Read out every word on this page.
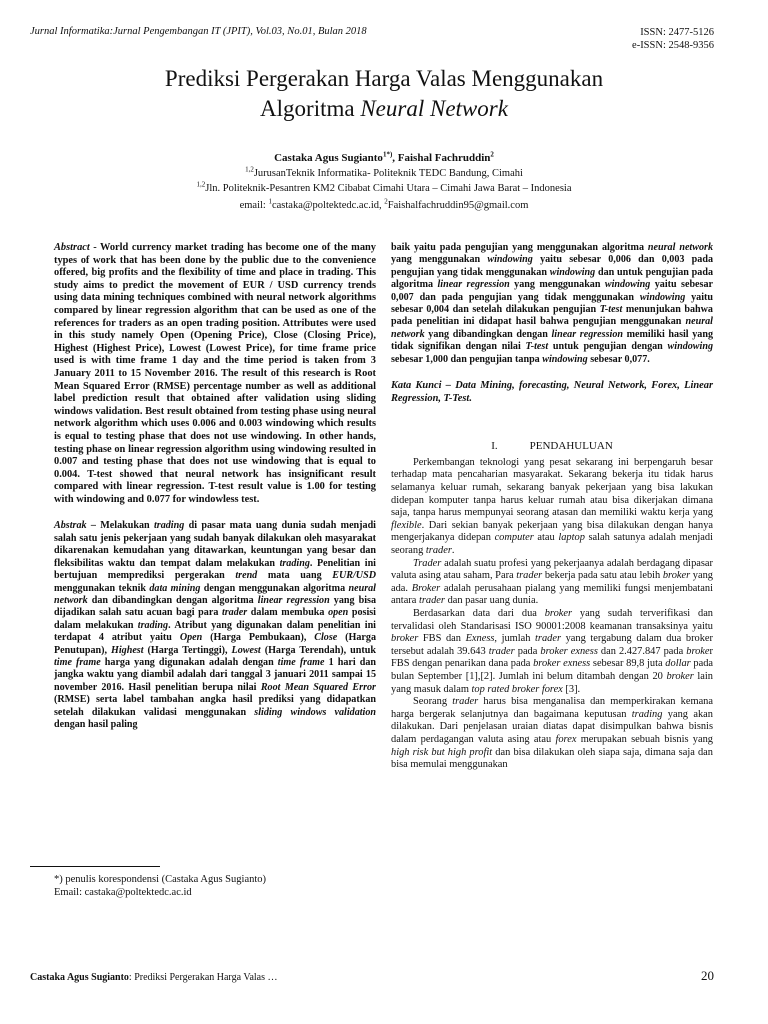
Jurnal Informatika:Jurnal Pengembangan IT (JPIT), Vol.03, No.01, Bulan 2018	ISSN: 2477-5126
e-ISSN: 2548-9356
Prediksi Pergerakan Harga Valas Menggunakan
Algoritma Neural Network
Castaka Agus Sugianto$^{1*)}$, Faishal Fachruddin$^2$
$^{1,2}$JurusanTeknik Informatika- Politeknik TEDC Bandung, Cimahi
$^{1,2}$Jln. Politeknik-Pesantren KM2 Cibabat Cimahi Utara – Cimahi Jawa Barat – Indonesia
email: $^1$castaka@poltektedc.ac.id, $^2$Faishalfachruddin95@gmail.com

Abstract - World currency market trading has become one of the many types of work that has been done by the public due to the convenience offered, big profits and the flexibility of time and place in trading. This study aims to predict the movement of EUR / USD currency trends using data mining techniques combined with neural network algorithms compared by linear regression algorithm that can be used as one of the references for traders as an open trading position. Attributes were used in this study namely Open (Opening Price), Close (Closing Price), Highest (Highest Price), Lowest (Lowest Price), for time frame price used is with time frame 1 day and the time period is taken from 3 January 2011 to 15 November 2016. The result of this research is Root Mean Squared Error (RMSE) percentage number as well as additional label prediction result that obtained after validation using sliding windows validation. Best result obtained from testing phase using neural network algorithm which uses 0.006 and 0.003 windowing which results is equal to testing phase that does not use windowing. In other hands, testing phase on linear regression algorithm using windowing resulted in 0.007 and testing phase that does not use windowing that is equal to 0.004. T-test showed that neural network has insignificant result compared with linear regression. T-test result value is 1.00 for testing with windowing and 0.077 for windowless test.

Abstrak – Melakukan trading di pasar mata uang dunia sudah menjadi salah satu jenis pekerjaan yang sudah banyak dilakukan oleh masyarakat dikarenakan kemudahan yang ditawarkan, keuntungan yang besar dan fleksibilitas waktu dan tempat dalam melakukan trading. Penelitian ini bertujuan memprediksi pergerakan trend mata uang EUR/USD menggunakan teknik data mining dengan menggunakan algoritma neural network dan dibandingkan dengan algoritma linear regression yang bisa dijadikan salah satu acuan bagi para trader dalam membuka open posisi dalam melakukan trading. Atribut yang digunakan dalam penelitian ini terdapat 4 atribut yaitu Open (Harga Pembukaan), Close (Harga Penutupan), Highest (Harga Tertinggi), Lowest (Harga Terendah), untuk time frame harga yang digunakan adalah dengan time frame 1 hari dan jangka waktu yang diambil adalah dari tanggal 3 januari 2011 sampai 15 november 2016. Hasil penelitian berupa nilai Root Mean Squared Error (RMSE) serta label tambahan angka hasil prediksi yang didapatkan setelah dilakukan validasi menggunakan sliding windows validation dengan hasil paling

*) penulis korespondensi (Castaka Agus Sugianto)
Email: castaka@poltektedc.ac.id

baik yaitu pada pengujian yang menggunakan algoritma neural network yang menggunakan windowing yaitu sebesar 0,006 dan 0,003 pada pengujian yang tidak menggunakan windowing dan untuk pengujian pada algoritma linear regression yang menggunakan windowing yaitu sebesar 0,007 dan pada pengujian yang tidak menggunakan windowing yaitu sebesar 0,004 dan setelah dilakukan pengujian T-test menunjukan bahwa pada penelitian ini didapat hasil bahwa pengujian menggunakan neural network yang dibandingkan dengan linear regression memiliki hasil yang tidak signifikan dengan nilai T-test untuk pengujian dengan windowing sebesar 1,000 dan pengujian tanpa windowing sebesar 0,077.

Kata Kunci – Data Mining, forecasting, Neural Network, Forex, Linear Regression, T-Test.

I.	PENDAHULUAN

Perkembangan teknologi yang pesat sekarang ini berpengaruh besar terhadap mata pencaharian masyarakat. Sekarang bekerja itu tidak harus selamanya keluar rumah, sekarang banyak pekerjaan yang bisa lakukan didepan komputer tanpa harus keluar rumah atau bisa dikerjakan dimana saja, tanpa harus mempunyai seorang atasan dan memiliki waktu kerja yang flexible. Dari sekian banyak pekerjaan yang bisa dilakukan dengan hanya mengerjakanya didepan computer atau laptop salah satunya adalah menjadi seorang trader.

Trader adalah suatu profesi yang pekerjaanya adalah berdagang dipasar valuta asing atau saham, Para trader bekerja pada satu atau lebih broker yang ada. Broker adalah perusahaan pialang yang memiliki fungsi menjembatani antara trader dan pasar uang dunia.

Berdasarkan data dari dua broker yang sudah terverifikasi dan tervalidasi oleh Standarisasi ISO 90001:2008 keamanan transaksinya yaitu broker FBS dan Exness, jumlah trader yang tergabung dalam dua broker tersebut adalah 39.643 trader pada broker exness dan 2.427.847 pada broker FBS dengan penarikan dana pada broker exness sebesar 89,8 juta dollar pada bulan September [1],[2]. Jumlah ini belum ditambah dengan 20 broker lain yang masuk dalam top rated broker forex [3].

Seorang trader harus bisa menganalisa dan memperkirakan kemana harga bergerak selanjutnya dan bagaimana keputusan trading yang akan dilakukan. Dari penjelasan uraian diatas dapat disimpulkan bahwa bisnis dalam perdagangan valuta asing atau forex merupakan sebuah bisnis yang high risk but high profit dan bisa dilakukan oleh siapa saja, dimana saja dan bisa memulai menggunakan

Castaka Agus Sugianto: Prediksi Pergerakan Harga Valas …	20
